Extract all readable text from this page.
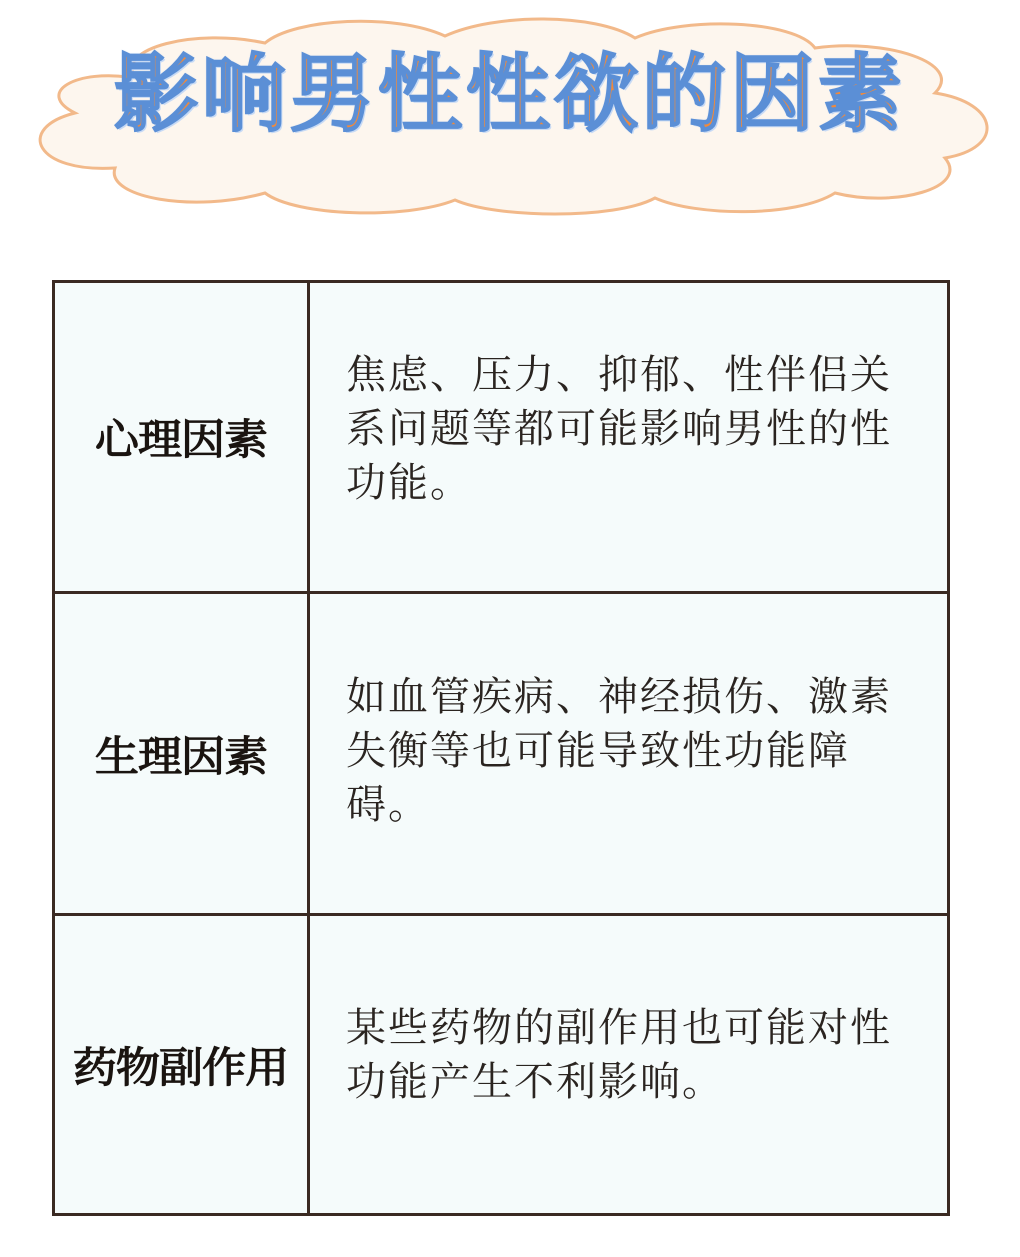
影响男性性欲的因素
心理因素

焦虑、压力、抑郁、性伴侣关系问题等都可能影响男性的性功能。

生理因素

如血管疾病、神经损伤、激素失衡等也可能导致性功能障碍。

药物副作用

某些药物的副作用也可能对性功能产生不利影响。
